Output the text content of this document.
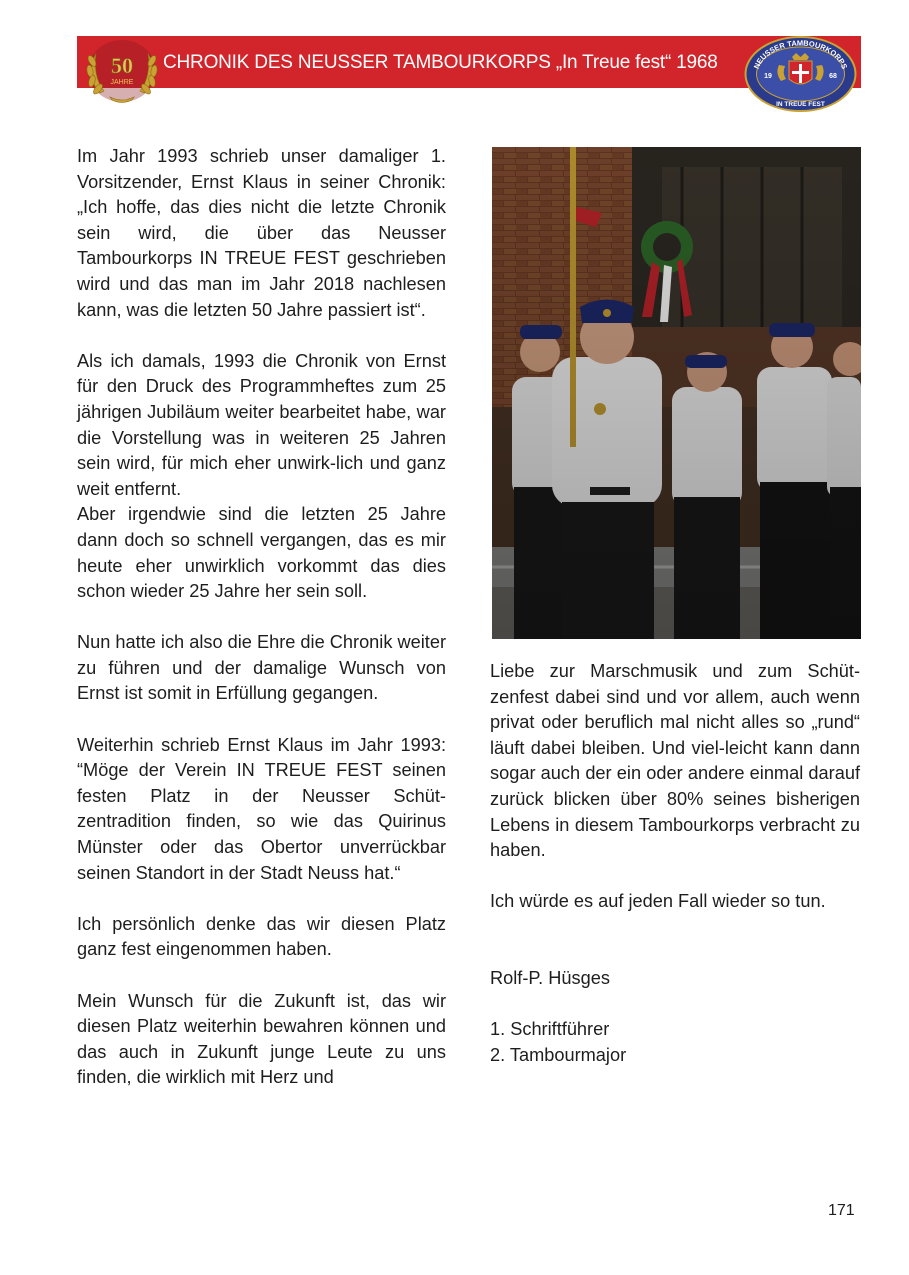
CHRONIK DES NEUSSER TAMBOURKORPS „In Treue fest“ 1968
50
JAHRE
NEUSSER TAMBOURKORPS
IN TREUE FEST
19	68

Im Jahr 1993 schrieb unser damaliger 1. Vorsitzender, Ernst Klaus in seiner Chronik: „Ich hoffe, das dies nicht die letzte Chronik sein wird, die über das Neusser Tambourkorps IN TREUE FEST geschrieben wird und das man im Jahr 2018 nachlesen kann, was die letzten 50 Jahre passiert ist“.

Als ich damals, 1993 die Chronik von Ernst für den Druck des Programmheftes zum 25 jährigen Jubiläum weiter bearbeitet habe, war die Vorstellung was in weiteren 25 Jahren sein wird, für mich eher unwirk-lich und ganz weit entfernt.

Aber irgendwie sind die letzten 25 Jahre dann doch so schnell vergangen, das es mir heute eher unwirklich vorkommt das dies schon wieder 25 Jahre her sein soll.

Nun hatte ich also die Ehre die Chronik weiter zu führen und der damalige Wunsch von Ernst ist somit in Erfüllung gegangen.

Weiterhin schrieb Ernst Klaus im Jahr 1993: “Möge der Verein IN TREUE FEST seinen festen Platz in der Neusser Schüt-zentradition finden, so wie das Quirinus Münster oder das Obertor unverrückbar seinen Standort in der Stadt Neuss hat.“

Ich persönlich denke das wir diesen Platz ganz fest eingenommen haben.

Mein Wunsch für die Zukunft ist, das wir diesen Platz weiterhin bewahren können und das auch in Zukunft junge Leute zu uns finden, die wirklich mit Herz und

Liebe zur Marschmusik und zum Schüt-zenfest dabei sind und vor allem, auch wenn privat oder beruflich mal nicht alles so „rund“ läuft dabei bleiben. Und viel-leicht kann dann sogar auch der ein oder andere einmal darauf zurück blicken über 80% seines bisherigen Lebens in diesem Tambourkorps verbracht zu haben.

Ich würde es auf jeden Fall wieder so tun.

Rolf-P. Hüsges

1. Schriftführer

2. Tambourmajor

171
